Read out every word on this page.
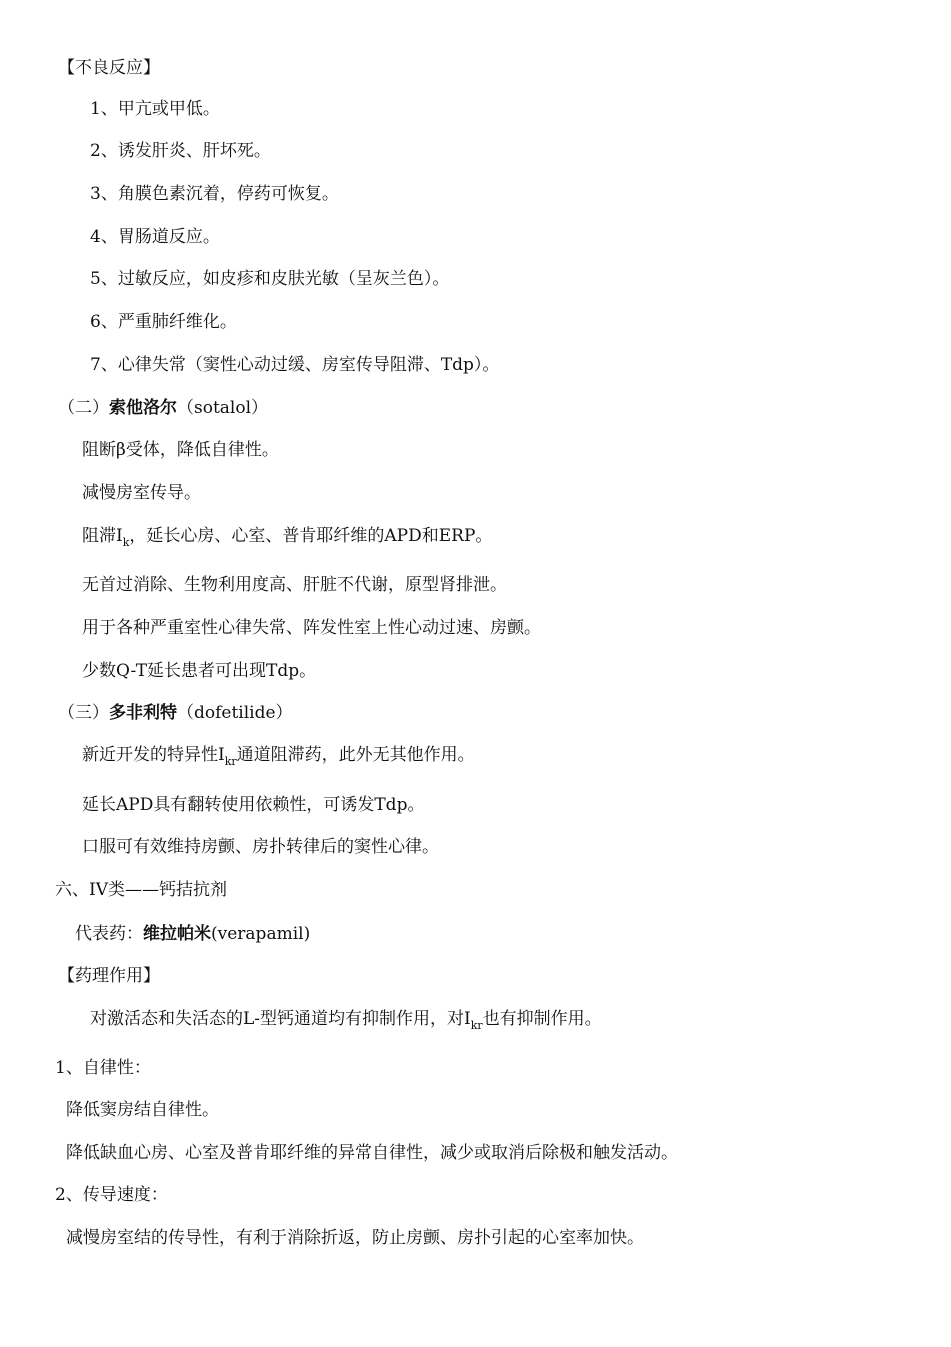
【不良反应】
1、甲亢或甲低。
2、诱发肝炎、肝坏死。
3、角膜色素沉着，停药可恢复。
4、胃肠道反应。
5、过敏反应，如皮疹和皮肤光敏（呈灰兰色）。
6、严重肺纤维化。
7、心律失常（窦性心动过缓、房室传导阻滞、Tdp）。
（二）索他洛尔（sotalol）
阻断β受体，降低自律性。
减慢房室传导。
阻滞$I_k$，延长心房、心室、普肯耶纤维的APD和ERP。
无首过消除、生物利用度高、肝脏不代谢，原型肾排泄。
用于各种严重室性心律失常、阵发性室上性心动过速、房颤。
少数Q-T延长患者可出现Tdp。
（三）多非利特（dofetilide）
新近开发的特异性$I_{kr}$通道阻滞药，此外无其他作用。
延长APD具有翻转使用依赖性，可诱发Tdp。
口服可有效维持房颤、房扑转律后的窦性心律。
六、IV类——钙拮抗剂
代表药：维拉帕米(verapamil)
【药理作用】
对激活态和失活态的L-型钙通道均有抑制作用，对$I_{kr}$也有抑制作用。
1、自律性：
降低窦房结自律性。
降低缺血心房、心室及普肯耶纤维的异常自律性，减少或取消后除极和触发活动。
2、传导速度：
减慢房室结的传导性，有利于消除折返，防止房颤、房扑引起的心室率加快。
